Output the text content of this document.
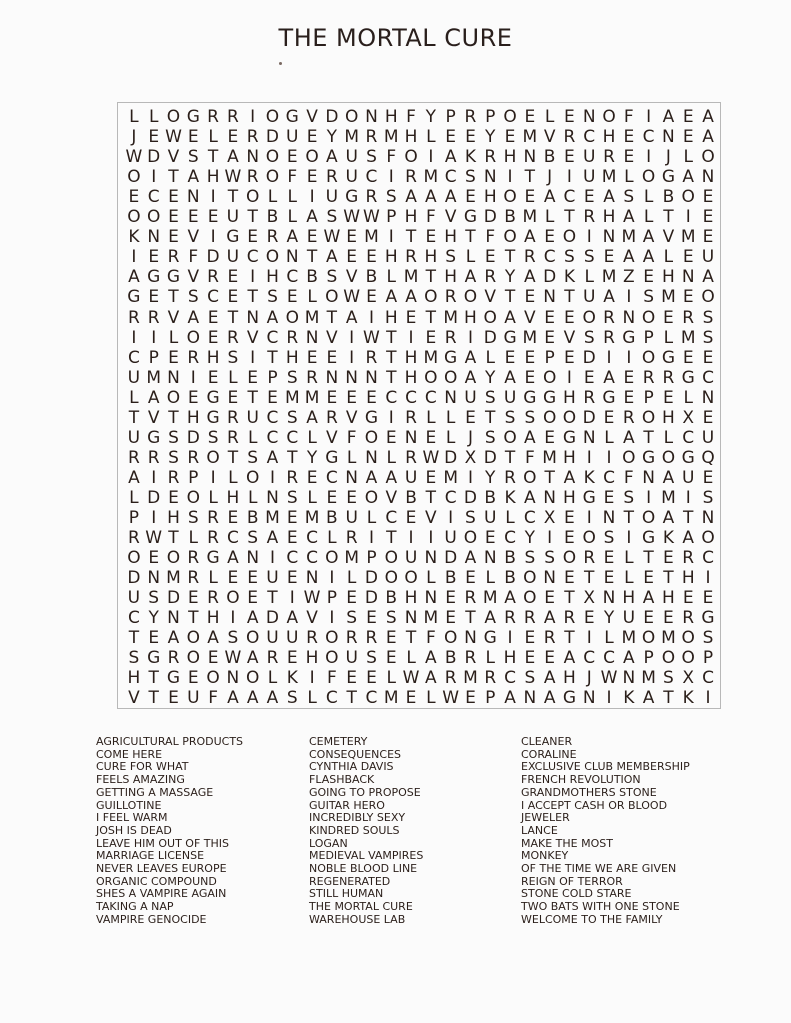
THE MORTAL CURE
L L O G R R I O G V D O N H F Y P R P O E L E N O F I A E A
J E W E L E R D U E Y M R M H L E E Y E M V R C H E C N E A
W D V S T A N O E O A U S F O I A K R H N B E U R E I J L O
O I T A H W R O F E R U C I R M C S N I T J I U M L O G A N
E C E N I T O L L I U G R S A A A E H O E A C E A S L B O E
O O E E E U T B L A S W W P H F V G D B M L T R H A L T I E
K N E V I G E R A E W E M I T E H T F O A E O I N M A V M E
I E R F D U C O N T A E E H R H S L E T R C S S E A A L E U
A G G V R E I H C B S V B L M T H A R Y A D K L M Z E H N A
G E T S C E T S E L O W E A A O R O V T E N T U A I S M E O
R R V A E T N A O M T A I H E T M H O A V E E O R N O E R S
I I L O E R V C R N V I W T I E R I D G M E V S R G P L M S
C P E R H S I T H E E I R T H M G A L E E P E D I I O G E E
U M N I E L E P S R N N N T H O O A Y A E O I E A E R R G C
L A O E G E T E M M E E E C C C N U S U G G H R G E P E L N
T V T H G R U C S A R V G I R L L E T S S O O D E R O H X E
U G S D S R L C C L V F O E N E L J S O A E G N L A T L C U
R R S R O T S A T Y G L N L R W D X D T F M H I I O G O G Q
A I R P I L O I R E C N A A U E M I Y R O T A K C F N A U E
L D E O L H L N S L E E O V B T C D B K A N H G E S I M I S
P I H S R E B M E M B U L C E V I S U L C X E I N T O A T N
R W T L R C S A E C L R I T I I U O E C Y I E O S I G K A O
O E O R G A N I C C O M P O U N D A N B S S O R E L T E R C
D N M R L E E U E N I L D O O L B E L B O N E T E L E T H I
U S D E R O E T I W P E D B H N E R M A O E T X N H A H E E
C Y N T H I A D A V I S E S N M E T A R R A R E Y U E E R G
T E A O A S O U U R O R R E T F O N G I E R T I L M O M O S
S G R O E W A R E H O U S E L A B R L H E E A C C A P O O P
H T G E O N O L K I F E E L W A R M R C S A H J W N M S X C
V T E U F A A A S L C T C M E L W E P A N A G N I K A T K I
AGRICULTURAL PRODUCTS
COME HERE
CURE FOR WHAT
FEELS AMAZING
GETTING A MASSAGE
GUILLOTINE
I FEEL WARM
JOSH IS DEAD
LEAVE HIM OUT OF THIS
MARRIAGE LICENSE
NEVER LEAVES EUROPE
ORGANIC COMPOUND
SHES A VAMPIRE AGAIN
TAKING A NAP
VAMPIRE GENOCIDE
CEMETERY
CONSEQUENCES
CYNTHIA DAVIS
FLASHBACK
GOING TO PROPOSE
GUITAR HERO
INCREDIBLY SEXY
KINDRED SOULS
LOGAN
MEDIEVAL VAMPIRES
NOBLE BLOOD LINE
REGENERATED
STILL HUMAN
THE MORTAL CURE
WAREHOUSE LAB
CLEANER
CORALINE
EXCLUSIVE CLUB MEMBERSHIP
FRENCH REVOLUTION
GRANDMOTHERS STONE
I ACCEPT CASH OR BLOOD
JEWELER
LANCE
MAKE THE MOST
MONKEY
OF THE TIME WE ARE GIVEN
REIGN OF TERROR
STONE COLD STARE
TWO BATS WITH ONE STONE
WELCOME TO THE FAMILY
